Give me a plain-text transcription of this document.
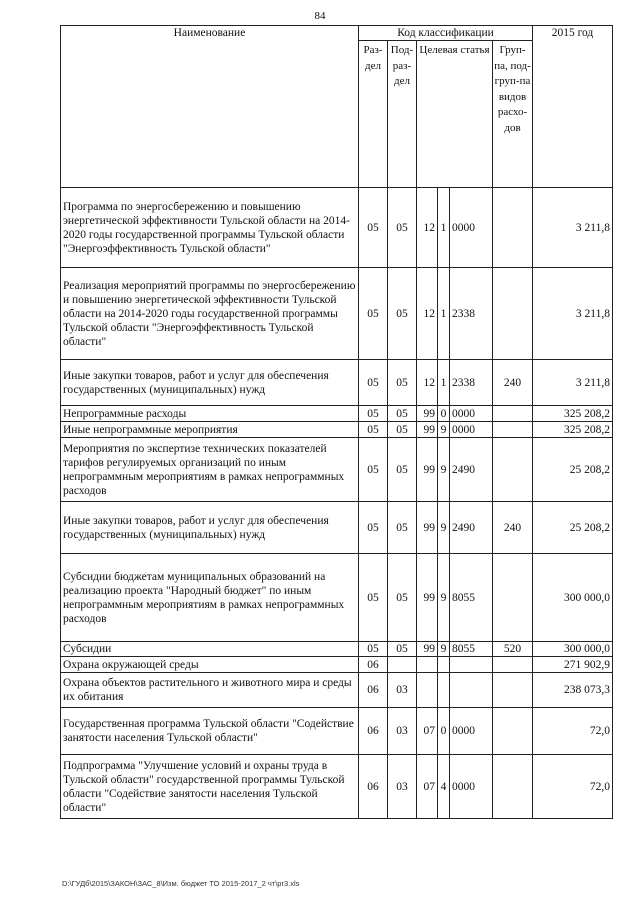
84
Наименование	Код классификации						2015 год
	Раз-дел	Под-раз-дел	Целевая статья			Груп-па, под-груп-па видов расхо-дов	
Программа по энергосбережению и повышению энергетической эффективности Тульской области на 2014-2020 годы государственной программы Тульской области "Энергоэффективность Тульской области"	05	05	12	1	0000		3 211,8
Реализация мероприятий программы по энергосбережению и повышению энергетической эффективности Тульской области на 2014-2020 годы государственной программы Тульской области "Энергоэффективность Тульской области"	05	05	12	1	2338		3 211,8
Иные закупки товаров, работ и услуг для обеспечения государственных (муниципальных) нужд	05	05	12	1	2338	240	3 211,8
Непрограммные расходы	05	05	99	0	0000		325 208,2
Иные непрограммные мероприятия	05	05	99	9	0000		325 208,2
Мероприятия по экспертизе технических показателей тарифов регулируемых организаций по иным непрограммным мероприятиям в рамках непрограммных расходов	05	05	99	9	2490		25 208,2
Иные закупки товаров, работ и услуг для обеспечения государственных (муниципальных) нужд	05	05	99	9	2490	240	25 208,2
Субсидии бюджетам муниципальных образований на реализацию проекта "Народный бюджет" по иным непрограммным мероприятиям в рамках непрограммных расходов	05	05	99	9	8055		300 000,0
Субсидии	05	05	99	9	8055	520	300 000,0
Охрана окружающей среды	06						271 902,9
Охрана объектов растительного и животного мира и среды их обитания	06	03					238 073,3
Государственная программа Тульской области "Содействие занятости населения Тульской области"	06	03	07	0	0000		72,0
Подпрограмма "Улучшение условий и охраны труда в Тульской области" государственной программы Тульской области "Содействие занятости населения Тульской области"	06	03	07	4	0000		72,0
D:\ГУДб\2015\ЗАКОН\ЗАС_8\Изм. бюджет ТО 2015-2017_2 чт\pr3.xls
